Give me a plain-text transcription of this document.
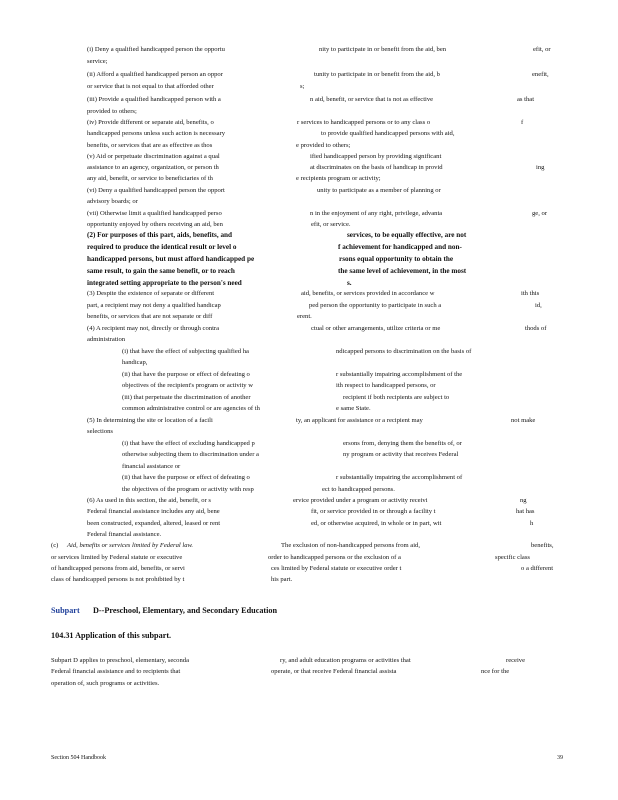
(i) Deny a qualified handicapped person the opportu	nity to participate in or benefit from the aid, ben	efit, or
service;
(ii) Afford a qualified handicapped person an oppor	tunity to participate in or benefit from the aid, b	enefit,
or service that is not equal to that afforded other	s;
(iii) Provide a qualified handicapped person with a	n aid, benefit, or service that is not as effective	as that
provided to others;
(iv) Provide different or separate aid, benefits, o	r services to handicapped persons or to any class o	f
handicapped persons unless such action is necessary	to provide qualified handicapped persons with aid,
benefits, or services that are as effective as thos	e provided to others;
(v) Aid or perpetuate discrimination against a qual	ified handicapped person by providing significant
assistance to an agency, organization, or person th	at discriminates on the basis of handicap in provid	ing
any aid, benefit, or service to beneficiaries of th	e recipients program or activity;
(vi) Deny a qualified handicapped person the opport	unity to participate as a member of planning or
advisory boards; or
(vii) Otherwise limit a qualified handicapped perso	n in the enjoyment of any right, privilege, advanta	ge, or
opportunity enjoyed by others receiving an aid, ben	efit, or service.
(2) For purposes of this part, aids, benefits, and	services, to be equally effective, are not
required to produce the identical result or level o	f achievement for handicapped and non-
handicapped persons, but must afford handicapped pe	rsons equal opportunity to obtain the
same result, to gain the same benefit, or to reach	the same level of achievement, in the most
integrated setting appropriate to the person's need	s.
(3) Despite the existence of separate or different	aid, benefits, or services provided in accordance w	ith this
part, a recipient may not deny a qualified handicap	ped person the opportunity to participate in such a	id,
benefits, or services that are not separate or diff	erent.
(4) A recipient may not, directly or through contra	ctual or other arrangements, utilize criteria or me	thods of
administration
(i) that have the effect of subjecting qualified ha	ndicapped persons to discrimination on the basis of
handicap,
(ii) that have the purpose or effect of defeating o	r substantially impairing accomplishment of the
objectives of the recipient's program or activity w	ith respect to handicapped persons, or
(iii) that perpetuate the discrimination of another	recipient if both recipients are subject to
common administrative control or are agencies of th	e same State.
(5) In determining the site or location of a facili	ty, an applicant for assistance or a recipient may	not make
selections
(i) that have the effect of excluding handicapped p	ersons from, denying them the benefits of, or
otherwise subjecting them to discrimination under a	ny program or activity that receives Federal
financial assistance or
(ii) that have the purpose or effect of defeating o	r substantially impairing the accomplishment of
the objectives of the program or activity with resp	ect to handicapped persons.
(6) As used in this section, the aid, benefit, or s	ervice provided under a program or activity receivi	ng
Federal financial assistance includes any aid, bene	fit, or service provided in or through a facility t	hat has
been constructed, expanded, altered, leased or rent	ed, or otherwise acquired, in whole or in part, wit	h
Federal financial assistance.
(c) Aid, benefits or services limited by Federal law.	The exclusion of non-handicapped persons from aid,	benefits,
or services limited by Federal statute or executive	order to handicapped persons or the exclusion of a	specific class
of handicapped persons from aid, benefits, or servi	ces limited by Federal statute or executive order t	o a different
class of handicapped persons is not prohibited by t	his part.
Subpart D--Preschool, Elementary, and Secondary Education
104.31 Application of this subpart.
Subpart D applies to preschool, elementary, seconda	ry, and adult education programs or activities that	receive
Federal financial assistance and to recipients that	operate, or that receive Federal financial assista	nce for the
operation of, such programs or activities.
Section 504 Handbook	39
